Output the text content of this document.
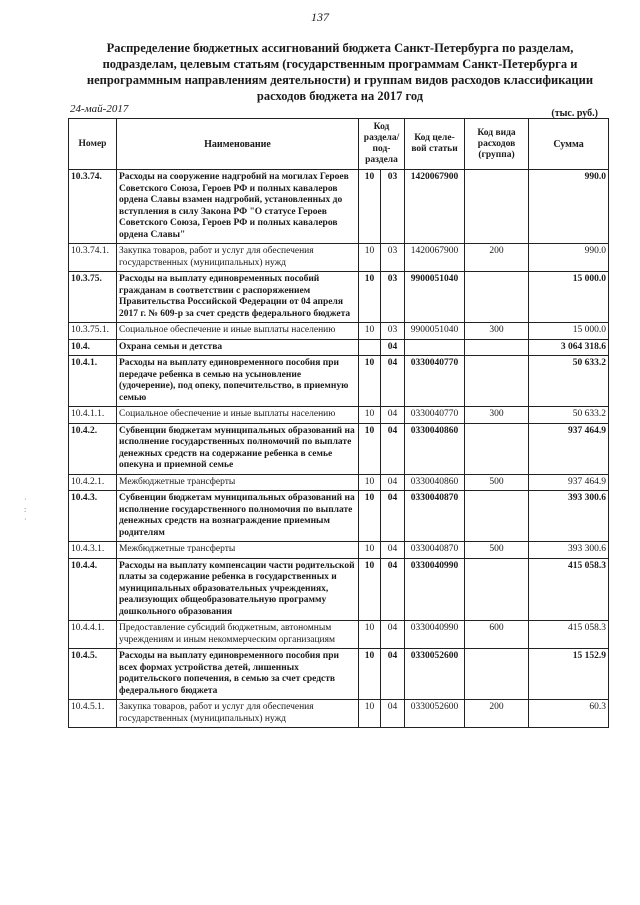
137
Распределение бюджетных ассигнований бюджета Санкт-Петербурга по разделам, подразделам, целевым статьям (государственным программам Санкт-Петербурга и непрограммным направлениям деятельности) и группам видов расходов классификации расходов бюджета на 2017 год
24-май-2017	(тыс. руб.)
·
:
·
Номер	Наименование	Код раздела/ под-раздела		Код целе-вой статьи	Код вида расходов (группа)	Сумма
10.3.74.	Расходы на сооружение надгробий на могилах Героев Советского Союза, Героев РФ и полных кавалеров ордена Славы взамен надгробий, установленных до вступления в силу Закона РФ "О статусе Героев Советского Союза, Героев РФ и полных кавалеров ордена Славы"	10	03	1420067900		990.0
10.3.74.1.	Закупка товаров, работ и услуг для обеспечения государственных (муниципальных) нужд	10	03	1420067900	200	990.0
10.3.75.	Расходы на выплату единовременных пособий гражданам в соответствии с распоряжением Правительства Российской Федерации от 04 апреля 2017 г. № 609-р за счет средств федерального бюджета	10	03	9900051040		15 000.0
10.3.75.1.	Социальное обеспечение и иные выплаты населению	10	03	9900051040	300	15 000.0
10.4.	Охрана семьи и детства		04			3 064 318.6
10.4.1.	Расходы на выплату единовременного пособия при передаче ребенка в семью на усыновление (удочерение), под опеку, попечительство, в приемную семью	10	04	0330040770		50 633.2
10.4.1.1.	Социальное обеспечение и иные выплаты населению	10	04	0330040770	300	50 633.2
10.4.2.	Субвенции бюджетам муниципальных образований на исполнение государственных полномочий по выплате денежных средств на содержание ребенка в семье опекуна и приемной семье	10	04	0330040860		937 464.9
10.4.2.1.	Межбюджетные трансферты	10	04	0330040860	500	937 464.9
10.4.3.	Субвенции бюджетам муниципальных образований на исполнение государственного полномочия по выплате денежных средств на вознаграждение приемным родителям	10	04	0330040870		393 300.6
10.4.3.1.	Межбюджетные трансферты	10	04	0330040870	500	393 300.6
10.4.4.	Расходы на выплату компенсации части родительской платы за содержание ребенка в государственных и муниципальных образовательных учреждениях, реализующих общеобразовательную программу дошкольного образования	10	04	0330040990		415 058.3
10.4.4.1.	Предоставление субсидий бюджетным, автономным учреждениям и иным некоммерческим организациям	10	04	0330040990	600	415 058.3
10.4.5.	Расходы на выплату единовременного пособия при всех формах устройства детей, лишенных родительского попечения, в семью за счет средств федерального бюджета	10	04	0330052600		15 152.9
10.4.5.1.	Закупка товаров, работ и услуг для обеспечения государственных (муниципальных) нужд	10	04	0330052600	200	60.3
